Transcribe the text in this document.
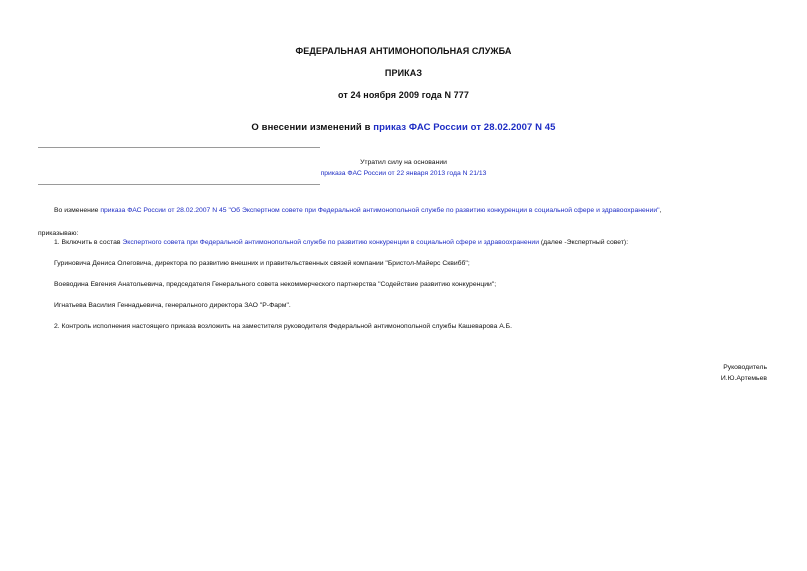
ФЕДЕРАЛЬНАЯ АНТИМОНОПОЛЬНАЯ СЛУЖБА
ПРИКАЗ
от 24 ноября 2009 года N 777
О внесении изменений в приказ ФАС России от 28.02.2007 N 45
Утратил силу на основании
приказа ФАС России от 22 января 2013 года N 21/13
Во изменение приказа ФАС России от 28.02.2007 N 45 "Об Экспертном совете при Федеральной антимонопольной службе по развитию конкуренции в социальной сфере и здравоохранении",
приказываю:
1. Включить в состав Экспертного совета при Федеральной антимонопольной службе по развитию конкуренции в социальной сфере и здравоохранении (далее -Экспертный совет):
Гуриновича Дениса Олеговича, директора по развитию внешних и правительственных связей компании "Бристол-Майерс Сквибб";
Воеводина Евгения Анатольевича, председателя Генерального совета некоммерческого партнерства "Содействие развитию конкуренции";
Игнатьева Василия Геннадьевича, генерального директора ЗАО "Р-Фарм".
2. Контроль исполнения настоящего приказа возложить на заместителя руководителя Федеральной антимонопольной службы Кашеварова А.Б.
Руководитель
И.Ю.Артемьев
